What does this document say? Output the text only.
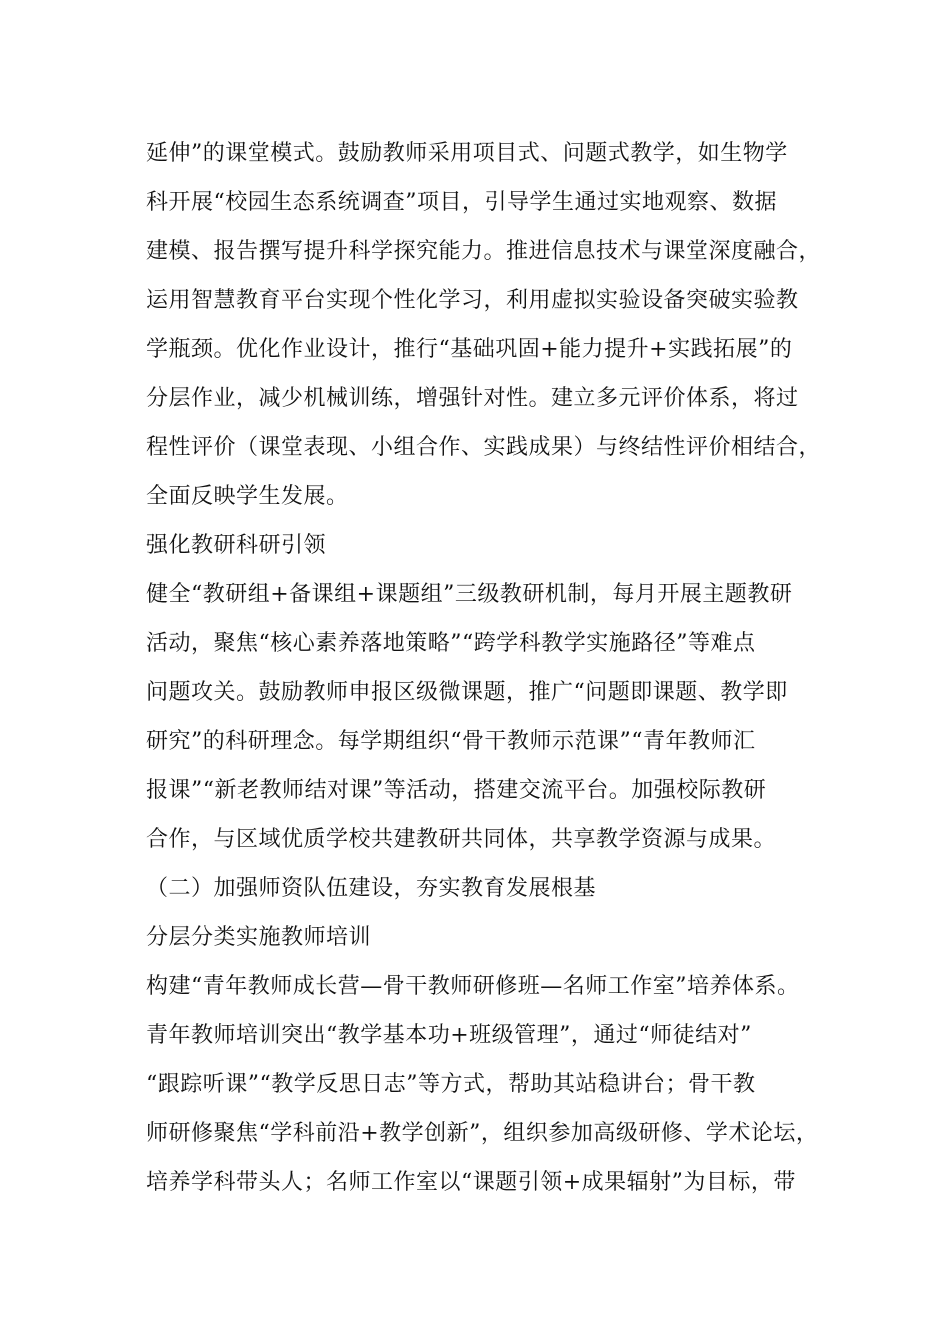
延伸”的课堂模式。鼓励教师采用项目式、问题式教学，如生物学
科开展“校园生态系统调查”项目，引导学生通过实地观察、数据
建模、报告撰写提升科学探究能力。推进信息技术与课堂深度融合，
运用智慧教育平台实现个性化学习，利用虚拟实验设备突破实验教
学瓶颈。优化作业设计，推行“基础巩固+能力提升+实践拓展”的
分层作业，减少机械训练，增强针对性。建立多元评价体系，将过
程性评价（课堂表现、小组合作、实践成果）与终结性评价相结合，
全面反映学生发展。
强化教研科研引领
健全“教研组+备课组+课题组”三级教研机制，每月开展主题教研
活动，聚焦“核心素养落地策略”“跨学科教学实施路径”等难点
问题攻关。鼓励教师申报区级微课题，推广“问题即课题、教学即
研究”的科研理念。每学期组织“骨干教师示范课”“青年教师汇
报课”“新老教师结对课”等活动，搭建交流平台。加强校际教研
合作，与区域优质学校共建教研共同体，共享教学资源与成果。
（二）加强师资队伍建设，夯实教育发展根基
分层分类实施教师培训
构建“青年教师成长营—骨干教师研修班—名师工作室”培养体系。
青年教师培训突出“教学基本功+班级管理”，通过“师徒结对”
“跟踪听课”“教学反思日志”等方式，帮助其站稳讲台；骨干教
师研修聚焦“学科前沿+教学创新”，组织参加高级研修、学术论坛，
培养学科带头人；名师工作室以“课题引领+成果辐射”为目标，带
